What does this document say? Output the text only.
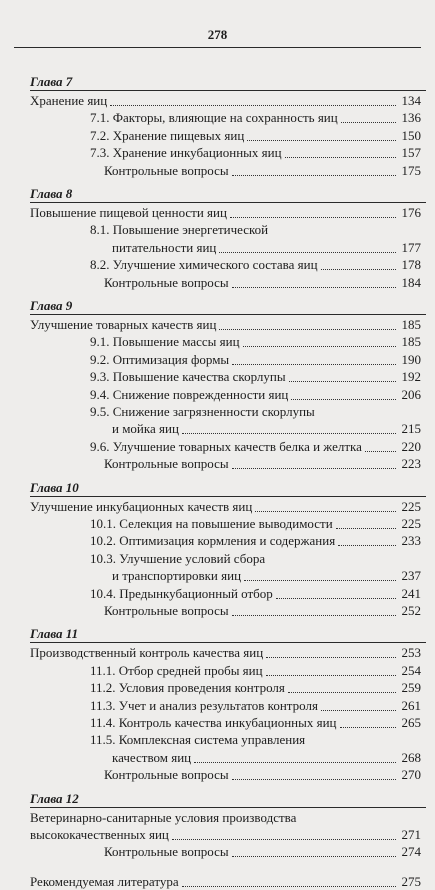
278
Глава 7
Хранение яиц	134
7.1. Факторы, влияющие на сохранность яиц	136
7.2. Хранение пищевых яиц	150
7.3. Хранение инкубационных яиц	157
Контрольные вопросы	175
Глава 8
Повышение пищевой ценности яиц	176
8.1. Повышение энергетической
питательности яиц	177
8.2. Улучшение химического состава яиц	178
Контрольные вопросы	184
Глава 9
Улучшение товарных качеств яиц	185
9.1. Повышение массы яиц	185
9.2. Оптимизация формы	190
9.3. Повышение качества скорлупы	192
9.4. Снижение поврежденности яиц	206
9.5. Снижение загрязненности скорлупы
и мойка яиц	215
9.6. Улучшение товарных качеств белка и желтка	220
Контрольные вопросы	223
Глава 10
Улучшение инкубационных качеств яиц	225
10.1. Селекция на повышение выводимости	225
10.2. Оптимизация кормления и содержания	233
10.3. Улучшение условий сбора
и транспортировки яиц	237
10.4. Предынкубационный отбор	241
Контрольные вопросы	252
Глава 11
Производственный контроль качества яиц	253
11.1. Отбор средней пробы яиц	254
11.2. Условия проведения контроля	259
11.3. Учет и анализ результатов контроля	261
11.4. Контроль качества инкубационных яиц	265
11.5. Комплексная система управления
качеством яиц	268
Контрольные вопросы	270
Глава 12
Ветеринарно-санитарные условия производства
высококачественных яиц	271
Контрольные вопросы	274
Рекомендуемая литература	275
